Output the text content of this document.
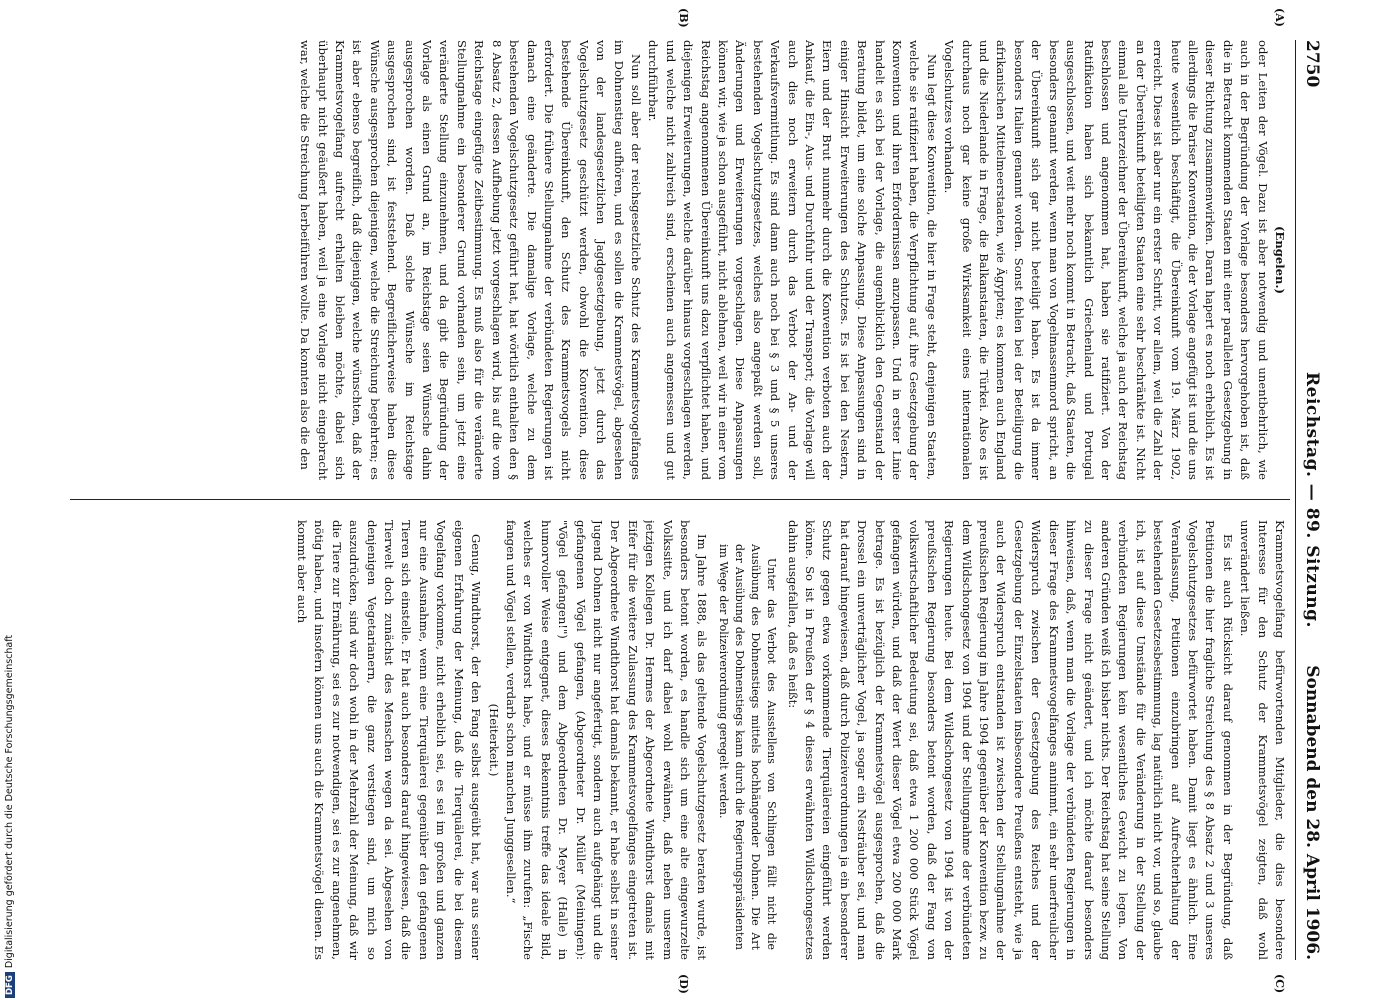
2750
Reichstag. — 89. Sitzung.
Sonnabend den 28. April 1906.
(A)
(B)
(C)
(D)

(Engelen.)

oder Leiten der Vögel. Dazu ist aber notwendig und unentbehrlich, wie auch in der Begründung der Vorlage besonders hervorgehoben ist, daß die in Betracht kommenden Staaten mit einer parallelen Gesetzgebung in dieser Richtung zusammenwirken. Daran hapert es noch erheblich. Es ist allerdings die Pariser Konvention, die der Vorlage angefügt ist und die uns heute wesentlich beschäftigt, die Übereinkunft vom 19. März 1902, erreicht. Diese ist aber nur ein erster Schritt, vor allem, weil die Zahl der an der Übereinkunft beteiligten Staaten eine sehr beschränkte ist. Nicht einmal alle Unterzeichner der Übereinkunft, welche ja auch der Reichstag beschlossen und angenommen hat, haben sie ratifiziert. Von der Ratifikation haben sich bekanntlich Griechenland und Portugal ausgeschlossen, und weit mehr noch kommt in Betracht, daß Staaten, die besonders genannt werden, wenn man von Vogelmassenmord spricht, an der Übereinkunft sich gar nicht beteiligt haben. Es ist da immer besonders Italien genannt worden. Sonst fehlen bei der Beteiligung die afrikanischen Mittelmeerstaaten, wie Ägypten; es kommen auch England und die Niederlande in Frage, die Balkanstaaten, die Türkei. Also es ist durchaus noch gar keine große Wirksamkeit eines internationalen Vogelschutzes vorhanden.

Nun legt diese Konvention, die hier in Frage steht, denjenigen Staaten, welche sie ratifiziert haben, die Verpflichtung auf, ihre Gesetzgebung der Konvention und ihren Erfordernissen anzupassen. Und in erster Linie handelt es sich bei der Vorlage, die augenblicklich den Gegenstand der Beratung bildet, um eine solche Anpassung. Diese Anpassungen sind in einiger Hinsicht Erweiterungen des Schutzes. Es ist bei den Nestern, Eiern und der Brut nunmehr durch die Konvention verboten auch der Ankauf, die Ein-, Aus- und Durchfuhr und der Transport; die Vorlage will auch dies noch erweitern durch das Verbot der An- und der Verkaufsvermittlung. Es sind dann auch noch bei § 3 und § 5 unseres bestehenden Vogelschutzgesetzes, welches also angepaßt werden soll, Änderungen und Erweiterungen vorgeschlagen. Diese Anpassungen können wir, wie ja schon ausgeführt, nicht ablehnen, weil wir in einer vom Reichstag angenommenen Übereinkunft uns dazu verpflichtet haben, und diejenigen Erweiterungen, welche darüber hinaus vorgeschlagen werden, und welche nicht zahlreich sind, erscheinen auch angemessen und gut durchführbar.

Nun soll aber der reichsgesetzliche Schutz des Krammetsvogelfanges im Dohnenstieg aufhören, und es sollen die Krammetsvögel, abgesehen von der landesgesetzlichen Jagdgesetzgebung, jetzt durch das Vogelschutzgesetz geschützt werden, obwohl die Konvention, diese bestehende Übereinkunft, den Schutz des Krammetsvogels nicht erfordert. Die frühere Stellungnahme der verbündeten Regierungen ist danach eine geänderte. Die damalige Vorlage, welche zu dem bestehenden Vogelschutzgesetz geführt hat, hat wörtlich enthalten den § 8 Absatz 2, dessen Aufhebung jetzt vorgeschlagen wird, bis auf die vom Reichstage eingefügte Zeitbestimmung. Es muß also für die veränderte Stellungnahme ein besonderer Grund vorhanden sein, um jetzt eine veränderte Stellung einzunehmen, und da gibt die Begründung der Vorlage als einen Grund an, im Reichstage seien Wünsche dahin ausgesprochen worden. Daß solche Wünsche im Reichstage ausgesprochen sind, ist feststehend. Begreiflicherweise haben diese Wünsche ausgesprochen diejenigen, welche die Streichung begehrten; es ist aber ebenso begreiflich, daß diejenigen, welche wünschten, daß der Krammetsvogelfang aufrecht erhalten bleiben möchte, dabei sich überhaupt nicht geäußert haben, weil ja eine Vorlage nicht eingebracht war, welche die Streichung herbeiführen wollte. Da konnten also die den

Krammetsvogelfang befürwortenden Mitglieder, die dies besondere Interesse für den Schutz der Krammetsvögel zeigten, daß wohl unverändert ließen.

Es ist auch Rücksicht darauf genommen in der Begründung, daß Petitionen die hier fragliche Streichung des § 8 Absatz 2 und 3 unseres Vogelschutzgesetzes befürwortet haben. Damit liegt es ähnlich. Eine Veranlassung, Petitionen einzubringen auf Aufrechterhaltung der bestehenden Gesetzesbestimmung, lag natürlich nicht vor, und so, glaube ich, ist auf diese Umstände für die Veränderung in der Stellung der verbündeten Regierungen kein wesentliches Gewicht zu legen. Von anderen Gründen weiß ich bisher nichts. Der Reichstag hat seine Stellung zu dieser Frage nicht geändert, und ich möchte darauf besonders hinweisen, daß, wenn man die Vorlage der verbündeten Regierungen in dieser Frage des Krammetsvogelfanges annimmt, ein sehr unerfreulicher Widerspruch zwischen der Gesetzgebung des Reiches und der Gesetzgebung der Einzelstaaten insbesondere Preußens entsteht, wie ja auch der Widerspruch entstanden ist zwischen der Stellungnahme der preußischen Regierung im Jahre 1904 gegenüber der Konvention bezw. zu dem Wildschongesetz von 1904 und der Stellungnahme der verbündeten Regierungen heute. Bei dem Wildschongesetz von 1904 ist von der preußischen Regierung besonders betont worden, daß der Fang von volkswirtschaftlicher Bedeutung sei, daß etwa 1 200 000 Stück Vögel gefangen würden, und daß der Wert dieser Vögel etwa 200 000 Mark betrage. Es ist bezüglich der Krammetsvögel ausgesprochen, daß die Drossel ein unverträglicher Vogel, ja sogar ein Nesträuber sei, und man hat darauf hingewiesen, daß durch Polizeiverordnungen ja ein besonderer Schutz gegen etwa vorkommende Tierquälereien eingeführt werden könne. So ist in Preußen der § 4 dieses erwähnten Wildschongesetzes dahin ausgefallen, daß es heißt:

Unter das Verbot des Ausstellens von Schlingen fällt nicht die Ausübung des Dohnenstiegs mittels hochhängender Dohnen. Die Art der Ausübung des Dohnenstiegs kann durch die Regierungspräsidenten im Wege der Polizeiverordnung geregelt werden.

Im Jahre 1888, als das geltende Vogelschutzgesetz beraten wurde, ist besonders betont worden, es handle sich um eine alte eingewurzelte Volkssitte, und ich darf dabei wohl erwähnen, daß neben unserem jetzigen Kollegen Dr. Hermes der Abgeordnete Windthorst damals mit Eifer für die weitere Zulassung des Krammetsvogelfanges eingetreten ist. Der Abgeordnete Windthorst hat damals bekannt, er habe selbst in seiner Jugend Dohnen nicht nur angefertigt, sondern auch aufgehängt und die gefangenen Vögel gefangen, (Abgeordneter Dr. Müller (Meiningen): "Vögel gefangen!") und dem Abgeordneten Dr. Meyer (Halle) in humorvoller Weise entgegnet, dieses Bekenntnis treffe das ideale Bild, welches er von Windthorst habe, und er müsse ihm zurufen: „Fische fangen und Vögel stellen, verdarb schon manchen Junggesellen.“

(Heiterkeit.)

Genug, Windthorst, der den Fang selbst ausgeübt hat, war aus seiner eigenen Erfahrung der Meinung, daß die Tierquälerei, die bei diesem Vogelfang vorkomme, nicht erheblich sei, es sei im großen und ganzen nur eine Ausnahme, wenn eine Tierquälerei gegenüber den gefangenen Tieren sich einstelle. Er hat auch besonders darauf hingewiesen, daß die Tierwelt doch zunächst des Menschen wegen da sei. Abgesehen von denjenigen Vegetarianern, die ganz verstiegen sind, um mich so auszudrücken, sind wir doch wohl in der Mehrzahl der Meinung, daß wir die Tiere zur Ernährung, sei es zur notwendigen, sei es zur angenehmen, nötig haben, und insofern können uns auch die Krammetsvögel dienen. Es kommt aber auch

DFGDigitalisierung gefördert durch die Deutsche Forschungsgemeinschaft
